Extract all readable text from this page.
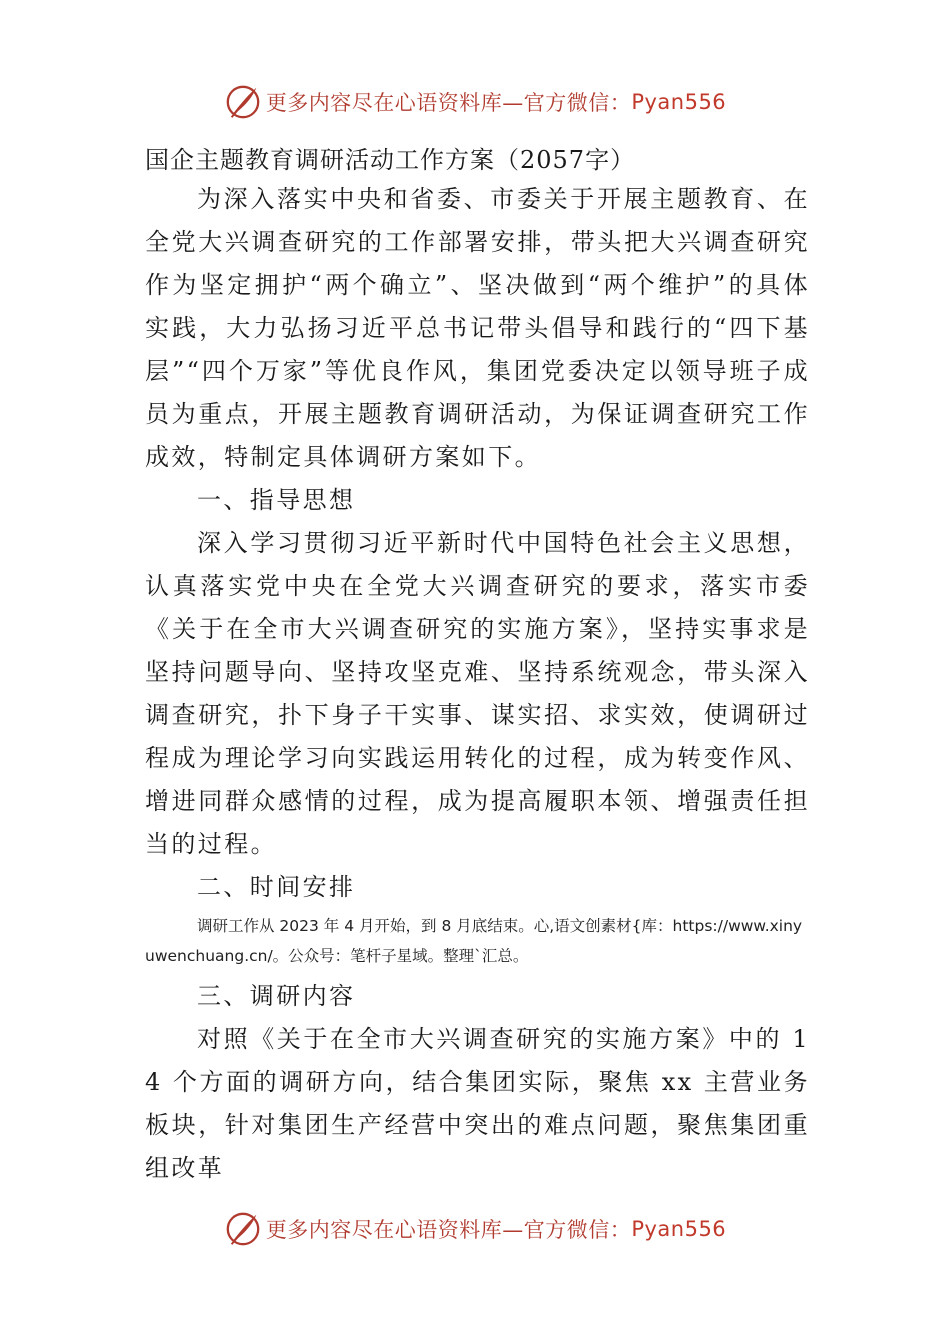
更多内容尽在心语资料库—官方微信： Pyan556
国企主题教育调研活动工作方案（2057字）

为深入落实中央和省委、市委关于开展主题教育、在全党大兴调查研究的工作部署安排，带头把大兴调查研究作为坚定拥护“两个确立”、坚决做到“两个维护”的具体实践，大力弘扬习近平总书记带头倡导和践行的“四下基层”“四个万家”等优良作风，集团党委决定以领导班子成员为重点，开展主题教育调研活动，为保证调查研究工作成效，特制定具体调研方案如下。

一、指导思想

深入学习贯彻习近平新时代中国特色社会主义思想，认真落实党中央在全党大兴调查研究的要求，落实市委《关于在全市大兴调查研究的实施方案》，坚持实事求是坚持问题导向、坚持攻坚克难、坚持系统观念，带头深入调查研究，扑下身子干实事、谋实招、求实效，使调研过程成为理论学习向实践运用转化的过程，成为转变作风、增进同群众感情的过程，成为提高履职本领、增强责任担当的过程。

二、时间安排

调研工作从 2023 年 4 月开始，到 8 月底结束。心,语文创素材{库：https://www.xinyuwenchuang.cn/。公众号：笔杆子星域。整理`汇总。

三、调研内容

对照《关于在全市大兴调查研究的实施方案》中的 14 个方面的调研方向，结合集团实际，聚焦 xx 主营业务板块，针对集团生产经营中突出的难点问题，聚焦集团重组改革

更多内容尽在心语资料库—官方微信： Pyan556
